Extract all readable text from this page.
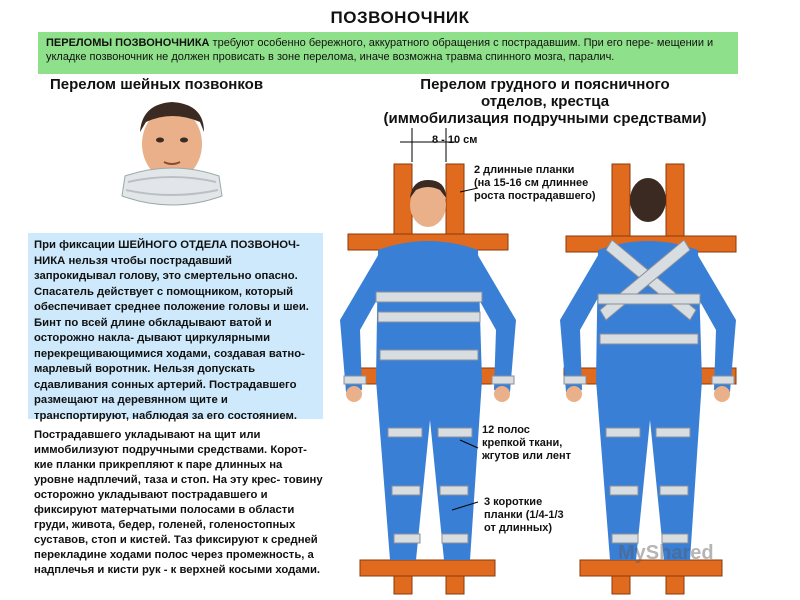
ПОЗВОНОЧНИК
ПЕРЕЛОМЫ ПОЗВОНОЧНИКА требуют особенно бережного, аккуратного обращения с пострадавшим. При его пере- мещении и укладке позвоночник не должен провисать в зоне перелома, иначе возможна травма спинного мозга, паралич.
Перелом шейных позвонков	Перелом грудного и поясничного
отделов, крестца
(иммобилизация подручными средствами)
8 - 10 см
2 длинные планки
(на 15-16 см длиннее
роста пострадавшего)
12 полос
крепкой ткани,
жгутов или лент
3 короткие
планки (1/4-1/3
от длинных)
При фиксации ШЕЙНОГО ОТДЕЛА ПОЗВОНОЧ- НИКА нельзя чтобы пострадавший запрокидывал голову, это смертельно опасно. Спасатель действует с помощником, который обеспечивает среднее положение головы и шеи. Бинт по всей длине обкладывают ватой и осторожно накла- дывают циркулярными перекрещивающимися ходами, создавая ватно-марлевый воротник. Нельзя допускать сдавливания сонных артерий. Пострадавшего размещают на деревянном щите и транспортируют, наблюдая за его состоянием.
Пострадавшего укладывают на щит или иммобилизуют подручными средствами. Корот- кие планки прикрепляют к паре длинных на уровне надплечий, таза и стоп. На эту крес- товину осторожно укладывают пострадавшего и фиксируют матерчатыми полосами в области груди, живота, бедер, голеней, голеностопных суставов, стоп и кистей. Таз фиксируют к средней перекладине ходами полос через промежность, а надплечья и кисти рук - к верхней косыми ходами.
MyShared
